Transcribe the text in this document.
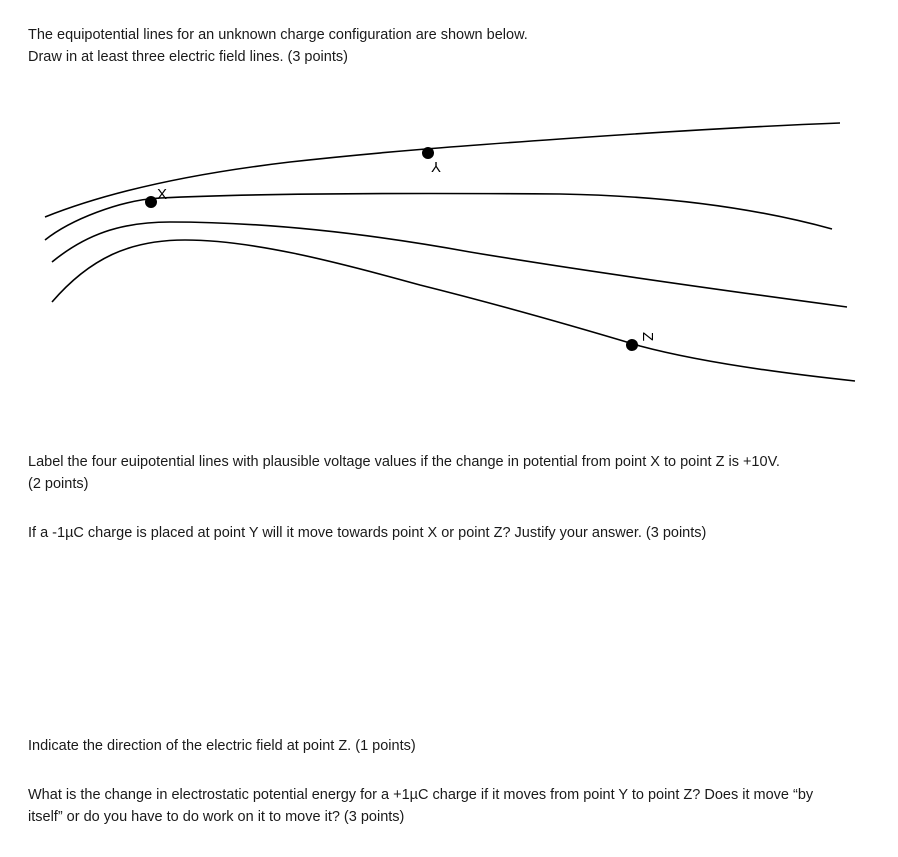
The equipotential lines for an unknown charge configuration are shown below.
Draw in at least three electric field lines. (3 points)
X
Y
Z
Label the four euipotential lines with plausible voltage values if the change in potential from point X to point Z is +10V.
(2 points)
If a -1µC charge is placed at point Y will it move towards point X or point Z? Justify your answer. (3 points)
Indicate the direction of the electric field at point Z. (1 points)
What is the change in electrostatic potential energy for a +1µC charge if it moves from point Y to point Z? Does it move “by
itself” or do you have to do work on it to move it? (3 points)
